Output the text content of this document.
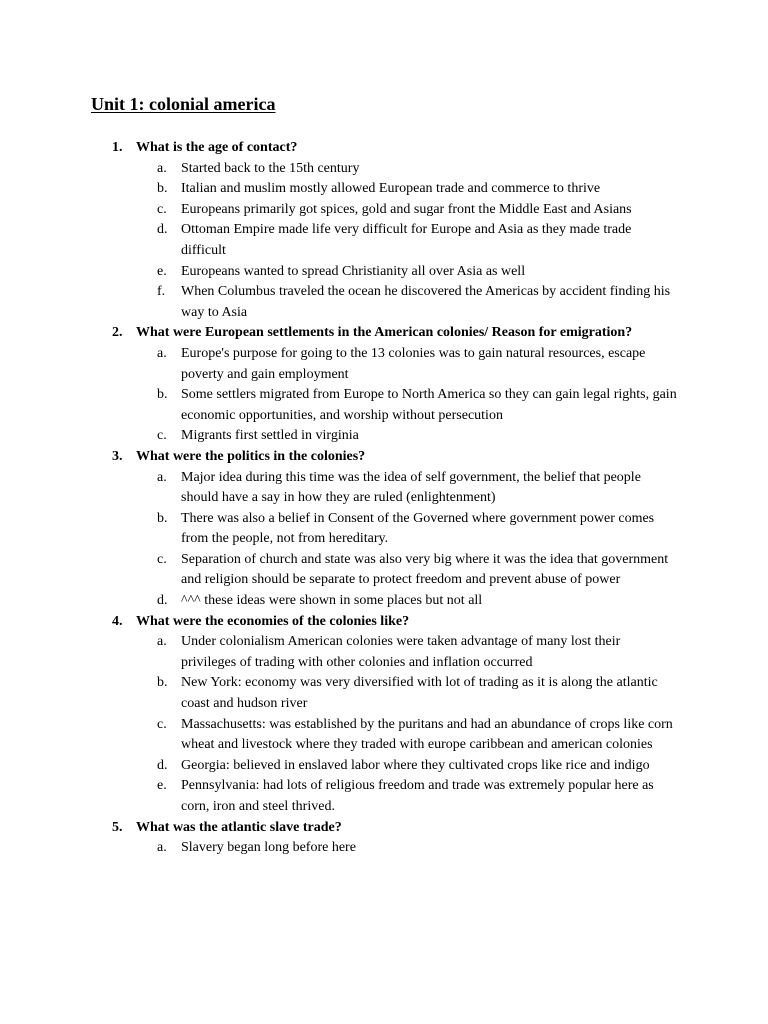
Unit 1: colonial america
1. What is the age of contact?
a. Started back to the 15th century
b. Italian and muslim mostly allowed European trade and commerce to thrive
c. Europeans primarily got spices, gold and sugar front the Middle East and Asians
d. Ottoman Empire made life very difficult for Europe and Asia as they made trade difficult
e. Europeans wanted to spread Christianity all over Asia as well
f. When Columbus traveled the ocean he discovered the Americas by accident finding his way to Asia
2. What were European settlements in the American colonies/ Reason for emigration?
a. Europe's purpose for going to the 13 colonies was to gain natural resources, escape poverty and gain employment
b. Some settlers migrated from Europe to North America so they can gain legal rights, gain economic opportunities, and worship without persecution
c. Migrants first settled in virginia
3. What were the politics in the colonies?
a. Major idea during this time was the idea of self government, the belief that people should have a say in how they are ruled (enlightenment)
b. There was also a belief in Consent of the Governed where government power comes from the people, not from hereditary.
c. Separation of church and state was also very big where it was the idea that government and religion should be separate to protect freedom and prevent abuse of power
d. ^^^ these ideas were shown in some places but not all
4. What were the economies of the colonies like?
a. Under colonialism American colonies were taken advantage of many lost their privileges of trading with other colonies and inflation occurred
b. New York: economy was very diversified with lot of trading as it is along the atlantic coast and hudson river
c. Massachusetts: was established by the puritans and had an abundance of crops like corn wheat and livestock where they traded with europe caribbean and american colonies
d. Georgia: believed in enslaved labor where they cultivated crops like rice and indigo
e. Pennsylvania: had lots of religious freedom and trade was extremely popular here as corn, iron and steel thrived.
5. What was the atlantic slave trade?
a. Slavery began long before here
